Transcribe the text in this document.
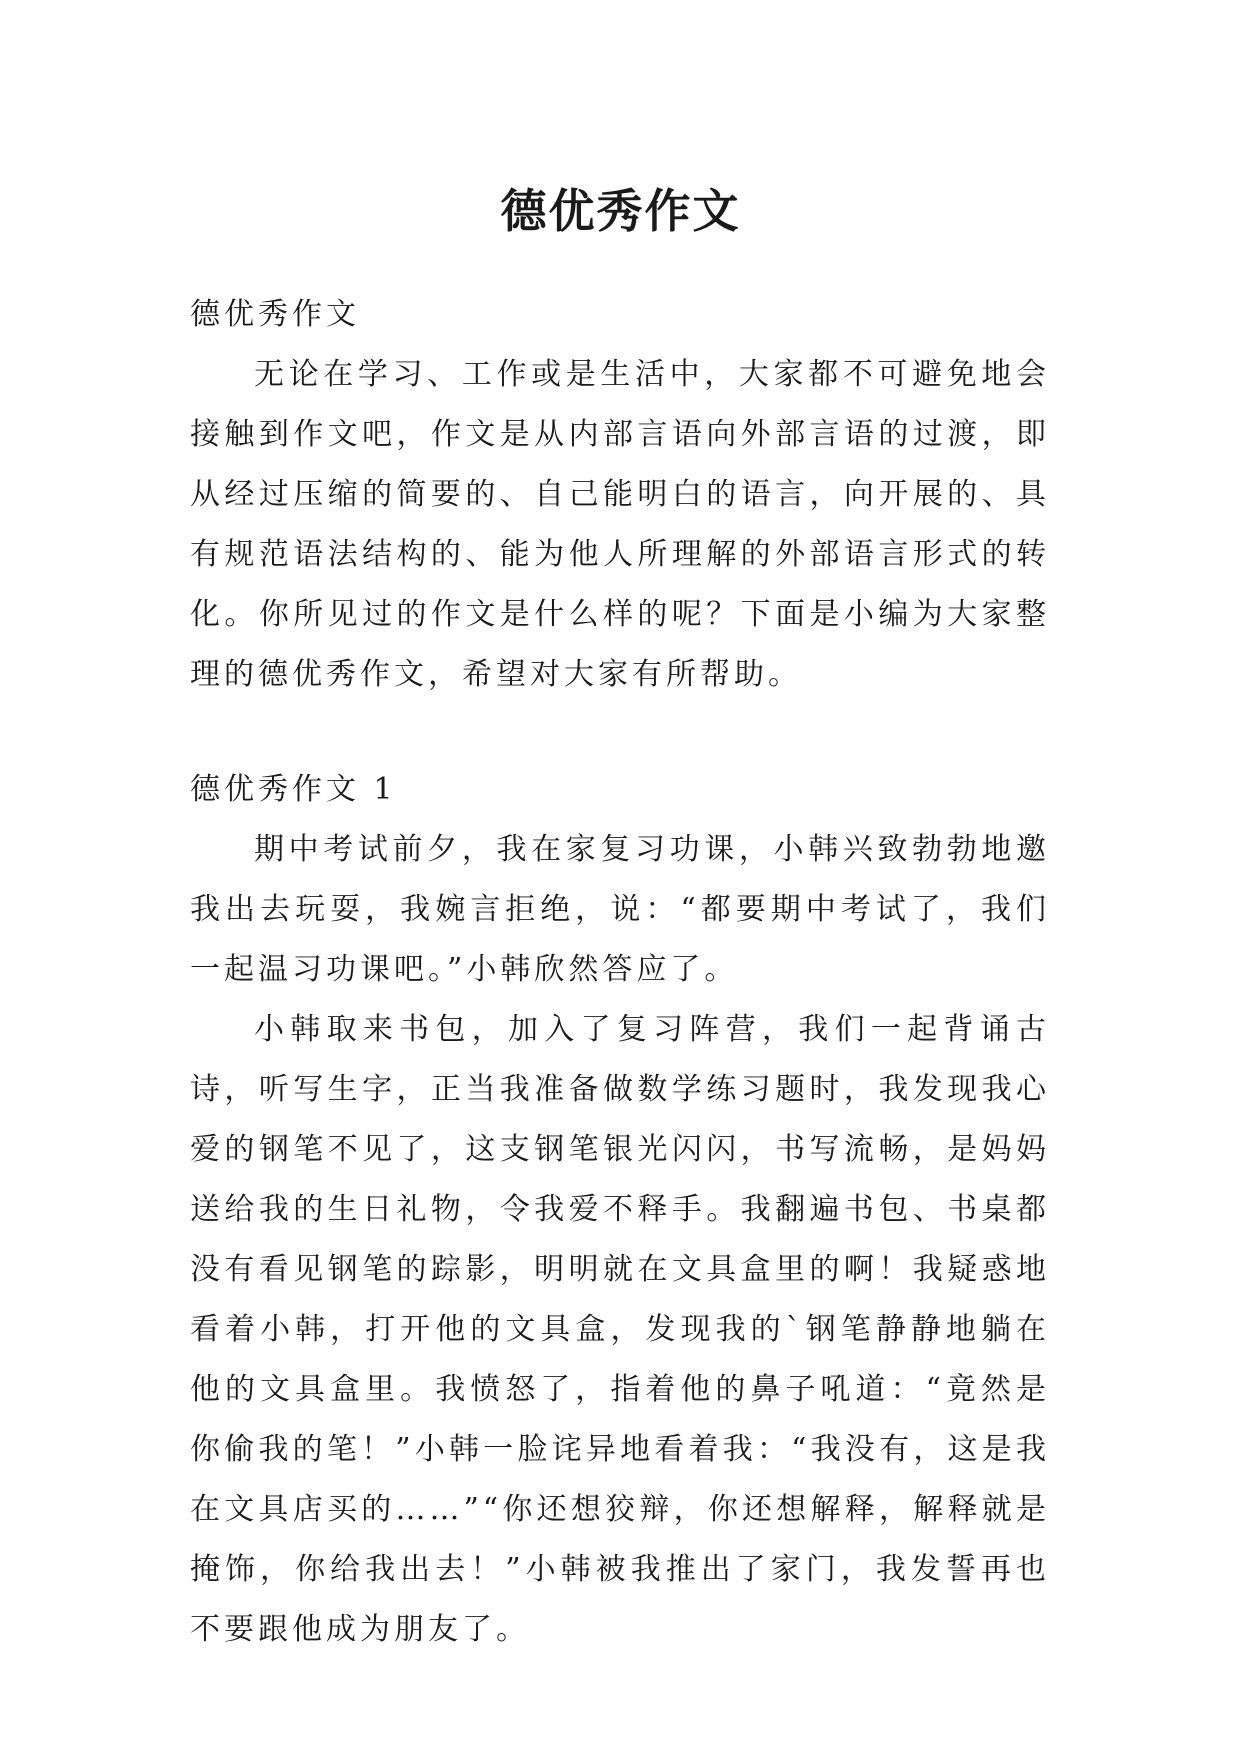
德优秀作文

德优秀作文

无论在学习、工作或是生活中，大家都不可避免地会接触到作文吧，作文是从内部言语向外部言语的过渡，即从经过压缩的简要的、自己能明白的语言，向开展的、具有规范语法结构的、能为他人所理解的外部语言形式的转化。你所见过的作文是什么样的呢？下面是小编为大家整理的德优秀作文，希望对大家有所帮助。

德优秀作文 1

期中考试前夕，我在家复习功课，小韩兴致勃勃地邀我出去玩耍，我婉言拒绝，说：“都要期中考试了，我们一起温习功课吧。”小韩欣然答应了。

小韩取来书包，加入了复习阵营，我们一起背诵古诗，听写生字，正当我准备做数学练习题时，我发现我心爱的钢笔不见了，这支钢笔银光闪闪，书写流畅，是妈妈送给我的生日礼物，令我爱不释手。我翻遍书包、书桌都没有看见钢笔的踪影，明明就在文具盒里的啊！我疑惑地看着小韩，打开他的文具盒，发现我的`钢笔静静地躺在他的文具盒里。我愤怒了，指着他的鼻子吼道：“竟然是你偷我的笔！”小韩一脸诧异地看着我：“我没有，这是我在文具店买的……”“你还想狡辩，你还想解释，解释就是掩饰，你给我出去！”小韩被我推出了家门，我发誓再也不要跟他成为朋友了。
